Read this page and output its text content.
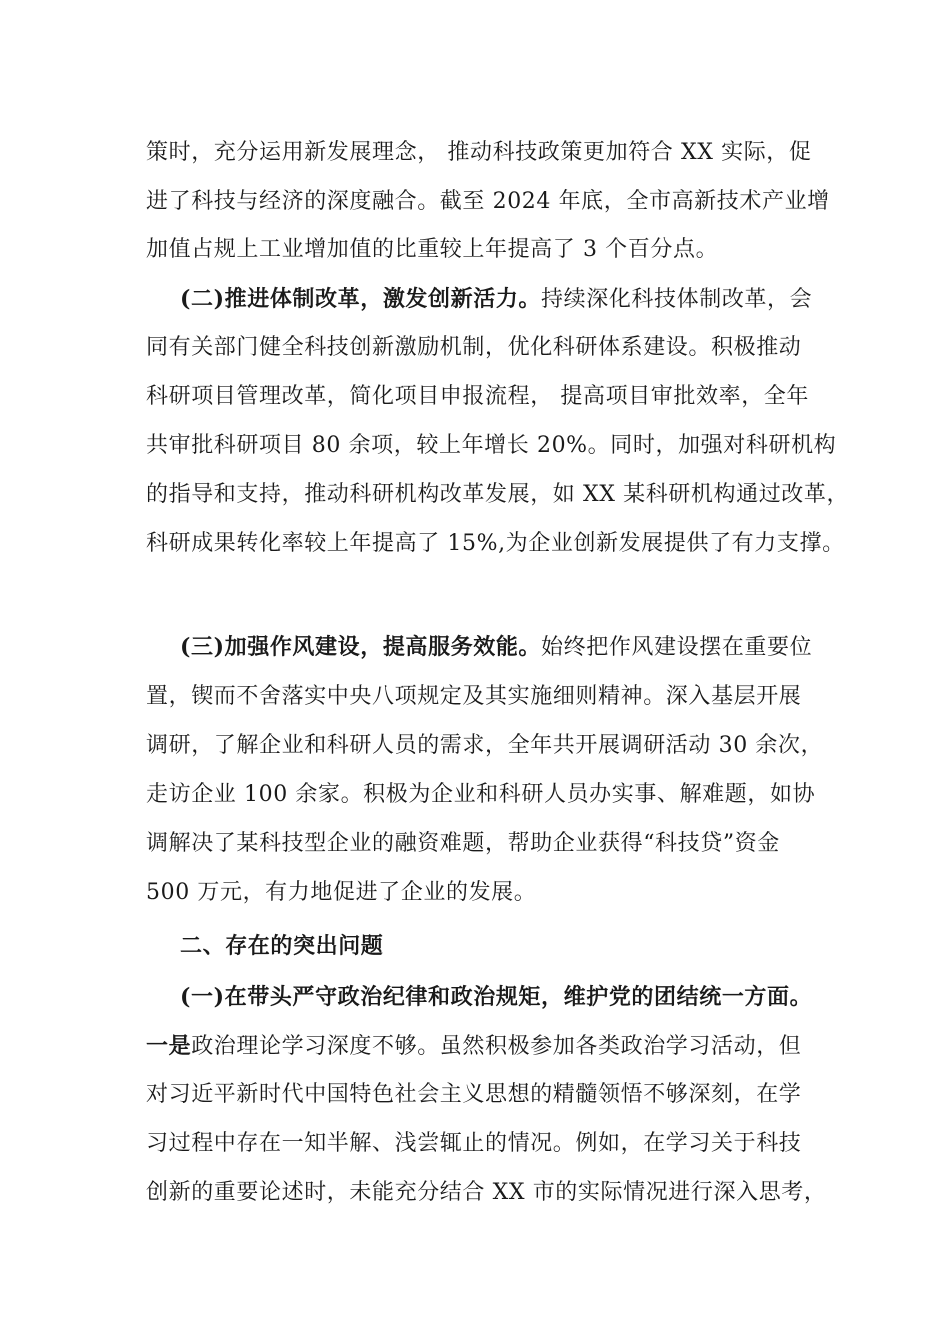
策时，充分运用新发展理念， 推动科技政策更加符合 XX 实际，促
进了科技与经济的深度融合。截至 2024 年底，全市高新技术产业增
加值占规上工业增加值的比重较上年提高了 3 个百分点。
(二)推进体制改革，激发创新活力。持续深化科技体制改革，会
同有关部门健全科技创新激励机制，优化科研体系建设。积极推动
科研项目管理改革，简化项目申报流程， 提高项目审批效率，全年
共审批科研项目 80 余项，较上年增长 20%。同时，加强对科研机构
的指导和支持，推动科研机构改革发展，如 XX 某科研机构通过改革，
科研成果转化率较上年提高了 15%,为企业创新发展提供了有力支撑。
(三)加强作风建设，提高服务效能。始终把作风建设摆在重要位
置，锲而不舍落实中央八项规定及其实施细则精神。深入基层开展
调研，了解企业和科研人员的需求，全年共开展调研活动 30 余次，
走访企业 100 余家。积极为企业和科研人员办实事、解难题，如协
调解决了某科技型企业的融资难题，帮助企业获得“科技贷”资金
500 万元，有力地促进了企业的发展。
二、存在的突出问题
(一)在带头严守政治纪律和政治规矩，维护党的团结统一方面。
一是政治理论学习深度不够。虽然积极参加各类政治学习活动，但
对习近平新时代中国特色社会主义思想的精髓领悟不够深刻，在学
习过程中存在一知半解、浅尝辄止的情况。例如，在学习关于科技
创新的重要论述时，未能充分结合 XX 市的实际情况进行深入思考，
